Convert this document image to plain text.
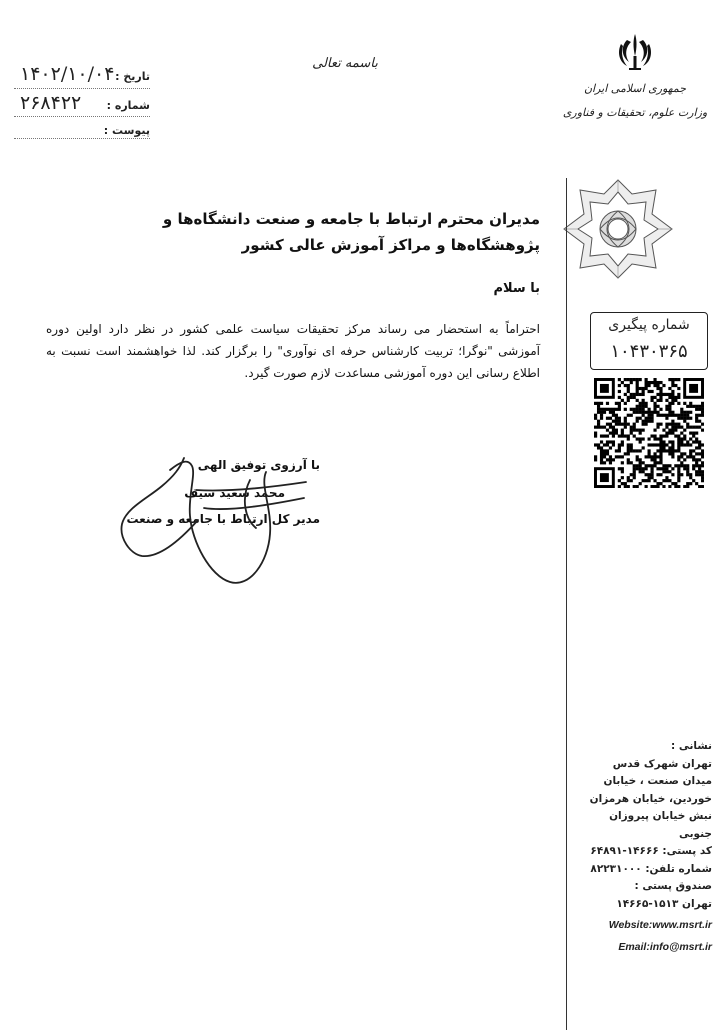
باسمه تعالی
۱۴۰۲/۱۰/۰۴ تاریخ :
۲۶۸۴۲۲ شماره :
پیوست :
جمهوری اسلامی ایران
وزارت علوم، تحقیقات و فناوری
مدیران محترم ارتباط با جامعه و صنعت دانشگاه‌ها و پژوهشگاه‌ها و مراکز آموزش عالی کشور
با سلام
احتراماً به استحضار می رساند مرکز تحقیقات سیاست علمی کشور در نظر دارد اولین دوره آموزشی "نوگرا؛ تربیت کارشناس حرفه ای نوآوری" را برگزار کند. لذا خواهشمند است نسبت به اطلاع رسانی این دوره آموزشی مساعدت لازم صورت گیرد.
با آرزوی توفیق الهی
محمد سعید سیف
مدیر کل ارتباط با جامعه و صنعت
شماره پیگیری
۱۰۴۳۰۳۶۵
نشانی :
تهران شهرک قدس
میدان صنعت ، خیابان
خوردین، خیابان هرمزان
نبش خیابان پیروزان جنوبی
کد پستی: ۱۴۶۶۶-۶۴۸۹۱
شماره تلفن: ۸۲۲۳۱۰۰۰
صندوق پستی :
تهران ۱۵۱۳-۱۴۶۶۵
Website:www.msrt.ir
Email:info@msrt.ir
